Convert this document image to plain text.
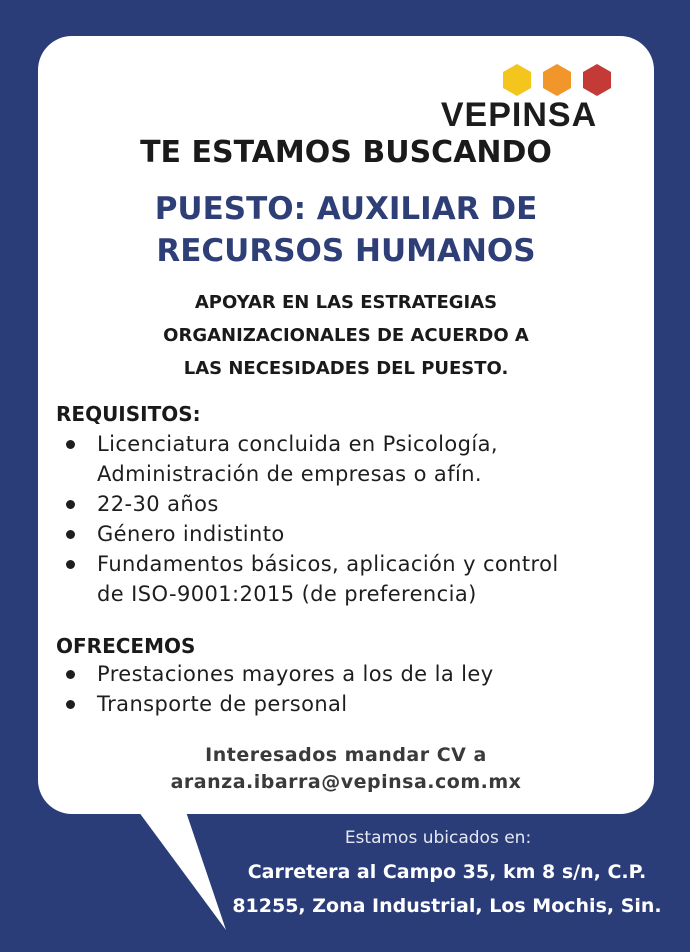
VEPINSA
TE ESTAMOS BUSCANDO
PUESTO: AUXILIAR DE
RECURSOS HUMANOS
APOYAR EN LAS ESTRATEGIAS
ORGANIZACIONALES DE ACUERDO A
LAS NECESIDADES DEL PUESTO.
REQUISITOS:
Licenciatura concluida en Psicología,
Administración de empresas o afín.
22-30 años
Género indistinto
Fundamentos básicos, aplicación y control
de ISO-9001:2015 (de preferencia)
OFRECEMOS
Prestaciones mayores a los de la ley
Transporte de personal
Interesados mandar CV a
aranza.ibarra@vepinsa.com.mx
Estamos ubicados en:
Carretera al Campo 35, km 8 s/n, C.P.
81255, Zona Industrial, Los Mochis, Sin.
